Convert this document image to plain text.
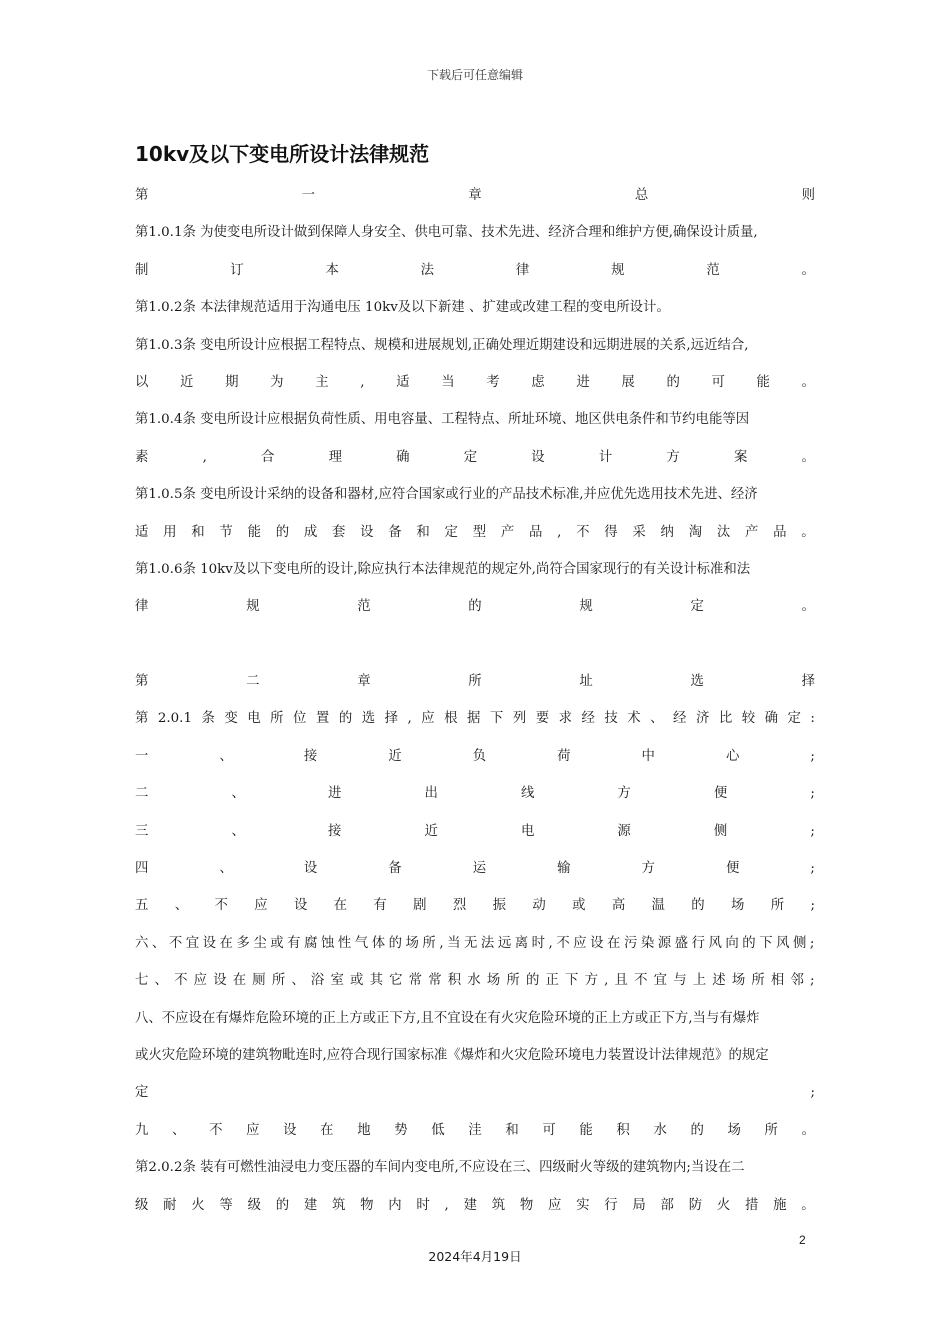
下载后可任意编辑
10kv及以下变电所设计法律规范
第	一	章	总	则
第1.0.1条 为使变电所设计做到保障人身安全、供电可靠、技术先进、经济合理和维护方便,确保设计质量,
制	订	本	法	律	规	范	。
第1.0.2条 本法律规范适用于沟通电压 10kv及以下新建 、扩建或改建工程的变电所设计。
第1.0.3条 变电所设计应根据工程特点、规模和进展规划,正确处理近期建设和远期进展的关系,远近结合,
以 近 期 为 主 , 适 当 考 虑 进 展 的 可 能 。
第1.0.4条 变电所设计应根据负荷性质、用电容量、工程特点、所址环境、地区供电条件和节约电能等因
素	,	合	理	确	定	设	计	方	案	。
第1.0.5条 变电所设计采纳的设备和器材,应符合国家或行业的产品技术标准,并应优先选用技术先进、经济
适 用 和 节 能 的 成 套 设 备 和 定 型 产 品 , 不 得 采 纳 淘 汰 产 品 。
第1.0.6条 10kv及以下变电所的设计,除应执行本法律规范的规定外,尚符合国家现行的有关设计标准和法
律	规	范	的	规	定	。
第	二	章	所	址	选	择
第 2.0.1 条 变 电 所 位 置 的 选 择 , 应 根 据 下 列 要 求 经 技 术 、 经 济 比 较 确 定 :
一	、	接	近	负	荷	中	心	;
二	、	进	出	线	方	便	;
三	、	接	近	电	源	侧	;
四	、	设	备	运	输	方	便	;
五 、 不 应 设 在 有 剧 烈 振 动 或 高 温 的 场 所 ;
六 、 不 宜 设 在 多 尘 或 有 腐 蚀 性 气 体 的 场 所 , 当 无 法 远 离 时 , 不 应 设 在 污 染 源 盛 行 风 向 的 下 风 侧 ;
七 、 不 应 设 在 厕 所 、 浴 室 或 其 它 常 常 积 水 场 所 的 正 下 方 , 且 不 宜 与 上 述 场 所 相 邻 ;
八、不应设在有爆炸危险环境的正上方或正下方,且不宜设在有火灾危险环境的正上方或正下方,当与有爆炸
或火灾危险环境的建筑物毗连时,应符合现行国家标准《爆炸和火灾危险环境电力装置设计法律规范》的规定
定	;
九 、 不 应 设 在 地 势 低 洼 和 可 能 积 水 的 场 所 。
第2.0.2条 装有可燃性油浸电力变压器的车间内变电所,不应设在三、四级耐火等级的建筑物内;当设在二
级 耐 火 等 级 的 建 筑 物 内 时 , 建 筑 物 应 实 行 局 部 防 火 措 施 。
2
2024年4月19日
